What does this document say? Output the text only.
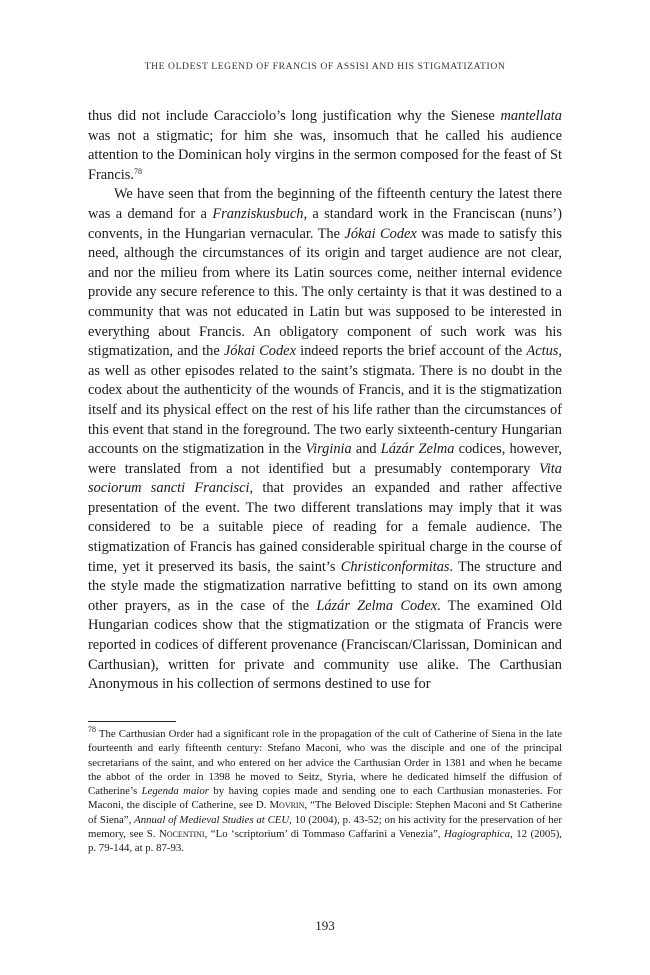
THE OLDEST LEGEND OF FRANCIS OF ASSISI AND HIS STIGMATIZATION

thus did not include Caracciolo’s long justification why the Sienese mantellata was not a stigmatic; for him she was, insomuch that he called his audience attention to the Dominican holy virgins in the sermon composed for the feast of St Francis.$^{78}$

We have seen that from the beginning of the fifteenth century the latest there was a demand for a Franziskusbuch, a standard work in the Franciscan (nuns’) convents, in the Hungarian vernacular. The Jókai Codex was made to satisfy this need, although the circumstances of its origin and target audience are not clear, and nor the milieu from where its Latin sources come, neither internal evidence provide any secure reference to this. The only certainty is that it was destined to a community that was not educated in Latin but was supposed to be interested in everything about Francis. An obligatory component of such work was his stigmatization, and the Jókai Codex indeed reports the brief account of the Actus, as well as other episodes related to the saint’s stigmata. There is no doubt in the codex about the authenticity of the wounds of Francis, and it is the stigmatization itself and its physical effect on the rest of his life rather than the circumstances of this event that stand in the foreground. The two early sixteenth-century Hungarian accounts on the stigmatization in the Virginia and Lázár Zelma codices, however, were translated from a not identified but a presumably contemporary Vita sociorum sancti Francisci, that provides an expanded and rather affective presentation of the event. The two different translations may imply that it was considered to be a suitable piece of reading for a female audience. The stigmatization of Francis has gained considerable spiritual charge in the course of time, yet it preserved its basis, the saint’s Christiconformitas. The structure and the style made the stigmatization narrative befitting to stand on its own among other prayers, as in the case of the Lázár Zelma Codex. The examined Old Hungarian codices show that the stigmatization or the stigmata of Francis were reported in codices of different provenance (Franciscan/Clarissan, Dominican and Carthusian), written for private and community use alike. The Carthusian Anonymous in his collection of sermons destined to use for

$^{78}$ The Carthusian Order had a significant role in the propagation of the cult of Catherine of Siena in the late fourteenth and early fifteenth century: Stefano Maconi, who was the disciple and one of the principal secretarians of the saint, and who entered on her advice the Carthusian Order in 1381 and when he became the abbot of the order in 1398 he moved to Seitz, Styria, where he dedicated himself the diffusion of Catherine’s Legenda maior by having copies made and sending one to each Carthusian monasteries. For Maconi, the disciple of Catherine, see D. Movrin, “The Beloved Disciple: Stephen Maconi and St Catherine of Siena”, Annual of Medieval Studies at CEU, 10 (2004), p. 43-52; on his activity for the preservation of her memory, see S. Nocentini, “Lo ‘scriptorium’ di Tommaso Caffarini a Venezia”, Hagiographica, 12 (2005), p. 79-144, at p. 87-93.

193
